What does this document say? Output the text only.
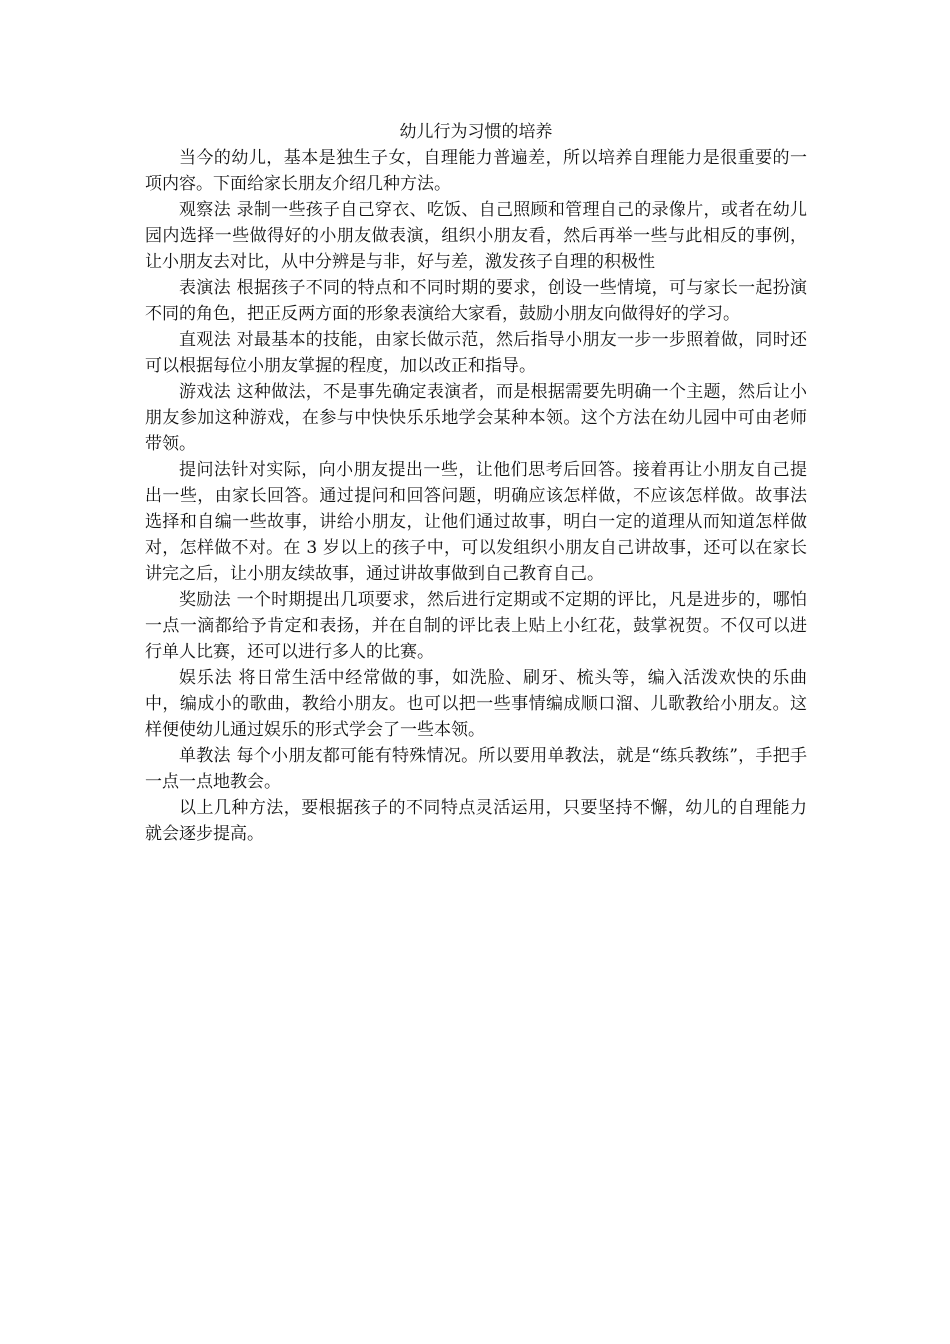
幼儿行为习惯的培养

当今的幼儿，基本是独生子女，自理能力普遍差，所以培养自理能力是很重要的一项内容。下面给家长朋友介绍几种方法。

观察法 录制一些孩子自己穿衣、吃饭、自己照顾和管理自己的录像片，或者在幼儿园内选择一些做得好的小朋友做表演，组织小朋友看，然后再举一些与此相反的事例，让小朋友去对比，从中分辨是与非，好与差，激发孩子自理的积极性

表演法 根据孩子不同的特点和不同时期的要求，创设一些情境，可与家长一起扮演不同的角色，把正反两方面的形象表演给大家看，鼓励小朋友向做得好的学习。

直观法 对最基本的技能，由家长做示范，然后指导小朋友一步一步照着做，同时还可以根据每位小朋友掌握的程度，加以改正和指导。

游戏法 这种做法，不是事先确定表演者，而是根据需要先明确一个主题，然后让小朋友参加这种游戏，在参与中快快乐乐地学会某种本领。这个方法在幼儿园中可由老师带领。

提问法针对实际，向小朋友提出一些，让他们思考后回答。接着再让小朋友自己提出一些，由家长回答。通过提问和回答问题，明确应该怎样做，不应该怎样做。故事法选择和自编一些故事，讲给小朋友，让他们通过故事，明白一定的道理从而知道怎样做对，怎样做不对。在 3 岁以上的孩子中，可以发组织小朋友自己讲故事，还可以在家长讲完之后，让小朋友续故事，通过讲故事做到自己教育自己。

奖励法 一个时期提出几项要求，然后进行定期或不定期的评比，凡是进步的，哪怕一点一滴都给予肯定和表扬，并在自制的评比表上贴上小红花，鼓掌祝贺。不仅可以进行单人比赛，还可以进行多人的比赛。

娱乐法 将日常生活中经常做的事，如洗脸、刷牙、梳头等，编入活泼欢快的乐曲中，编成小的歌曲，教给小朋友。也可以把一些事情编成顺口溜、儿歌教给小朋友。这样便使幼儿通过娱乐的形式学会了一些本领。

单教法 每个小朋友都可能有特殊情况。所以要用单教法，就是“练兵教练”，手把手一点一点地教会。

以上几种方法，要根据孩子的不同特点灵活运用，只要坚持不懈，幼儿的自理能力就会逐步提高。
